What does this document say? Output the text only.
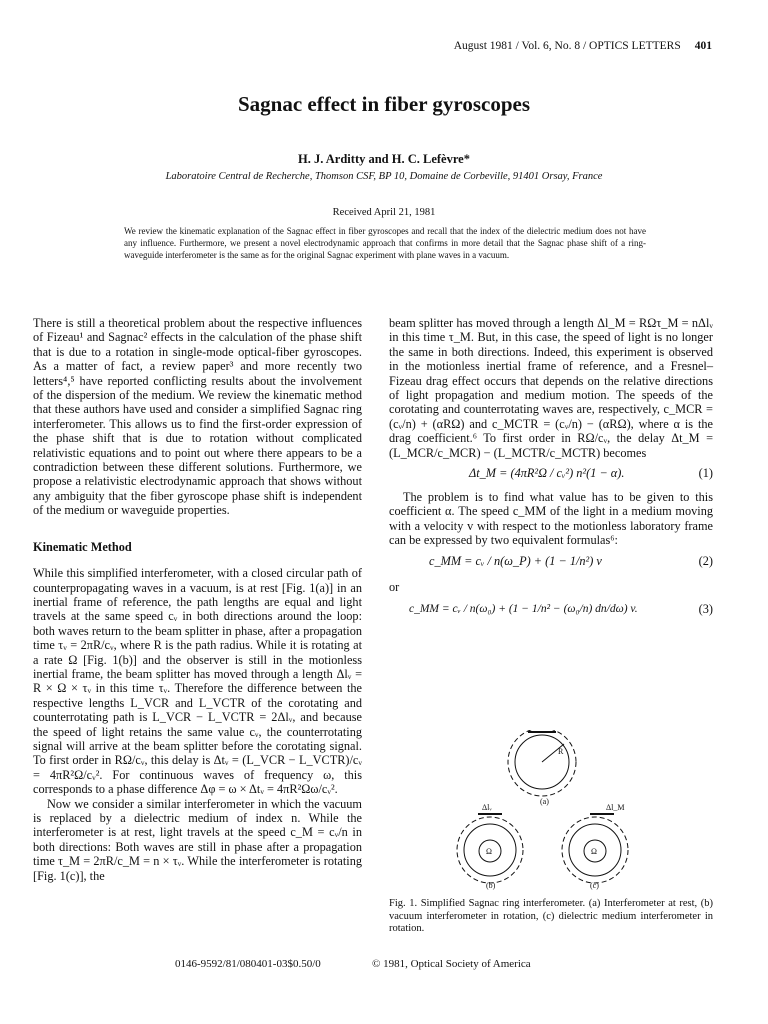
August 1981 / Vol. 6, No. 8 / OPTICS LETTERS 401
Sagnac effect in fiber gyroscopes
H. J. Arditty and H. C. Lefèvre*
Laboratoire Central de Recherche, Thomson CSF, BP 10, Domaine de Corbeville, 91401 Orsay, France
Received April 21, 1981
We review the kinematic explanation of the Sagnac effect in fiber gyroscopes and recall that the index of the dielectric medium does not have any influence. Furthermore, we present a novel electrodynamic approach that confirms in more detail that the Sagnac phase shift of a ring-waveguide interferometer is the same as for the original Sagnac experiment with plane waves in a vacuum.

There is still a theoretical problem about the respective influences of Fizeau¹ and Sagnac² effects in the calculation of the phase shift that is due to a rotation in single-mode optical-fiber gyroscopes. As a matter of fact, a review paper³ and more recently two letters⁴,⁵ have reported conflicting results about the involvement of the dispersion of the medium. We review the kinematic method that these authors have used and consider a simplified Sagnac ring interferometer. This allows us to find the first-order expression of the phase shift that is due to rotation without complicated relativistic equations and to point out where there appears to be a contradiction between these different solutions. Furthermore, we propose a relativistic electrodynamic approach that shows without any ambiguity that the fiber gyroscope phase shift is independent of the medium or waveguide properties.

Kinematic Method

While this simplified interferometer, with a closed circular path of counterpropagating waves in a vacuum, is at rest [Fig. 1(a)] in an inertial frame of reference, the path lengths are equal and light travels at the same speed cᵥ in both directions around the loop: both waves return to the beam splitter in phase, after a propagation time τᵥ = 2πR/cᵥ, where R is the path radius. While it is rotating at a rate Ω [Fig. 1(b)] and the observer is still in the motionless inertial frame, the beam splitter has moved through a length Δlᵥ = R × Ω × τᵥ in this time τᵥ. Therefore the difference between the respective lengths L_VCR and L_VCTR of the corotating and counterrotating path is L_VCR − L_VCTR = 2Δlᵥ, and because the speed of light retains the same value cᵥ, the counterrotating signal will arrive at the beam splitter before the corotating signal. To first order in RΩ/cᵥ, this delay is Δtᵥ = (L_VCR − L_VCTR)/cᵥ = 4πR²Ω/cᵥ². For continuous waves of frequency ω, this corresponds to a phase difference Δφ = ω × Δtᵥ = 4πR²Ωω/cᵥ².

Now we consider a similar interferometer in which the vacuum is replaced by a dielectric medium of index n. While the interferometer is at rest, light travels at the speed c_M = cᵥ/n in both directions: Both waves are still in phase after a propagation time τ_M = 2πR/c_M = n × τᵥ. While the interferometer is rotating [Fig. 1(c)], the

beam splitter has moved through a length Δl_M = RΩτ_M = nΔlᵥ in this time τ_M. But, in this case, the speed of light is no longer the same in both directions. Indeed, this experiment is observed in the motionless inertial frame of reference, and a Fresnel–Fizeau drag effect occurs that depends on the relative directions of light propagation and medium motion. The speeds of the corotating and counterrotating waves are, respectively, c_MCR = (cᵥ/n) + (αRΩ) and c_MCTR = (cᵥ/n) − (αRΩ), where α is the drag coefficient.⁶ To first order in RΩ/cᵥ, the delay Δt_M = (L_MCR/c_MCR) − (L_MCTR/c_MCTR) becomes

Δt_M = (4πR²Ω / cᵥ²) n²(1 − α).	(1)

The problem is to find what value has to be given to this coefficient α. The speed c_MM of the light in a medium moving with a velocity v with respect to the motionless laboratory frame can be expressed by two equivalent formulas⁶:

c_MM = cᵥ / n(ω_P) + (1 − 1/n²) v	(2)
or
c_MM = cᵥ / n(ω₀) + (1 − 1/n² − (ω₀/n) dn/dω) v.	(3)
R
(a)
Δlᵥ
Ω
(b)
Δl_M
Ω
(c)
Fig. 1. Simplified Sagnac ring interferometer. (a) Interferometer at rest, (b) vacuum interferometer in rotation, (c) dielectric medium interferometer in rotation.
0146-9592/81/080401-03$0.50/0	© 1981, Optical Society of America
